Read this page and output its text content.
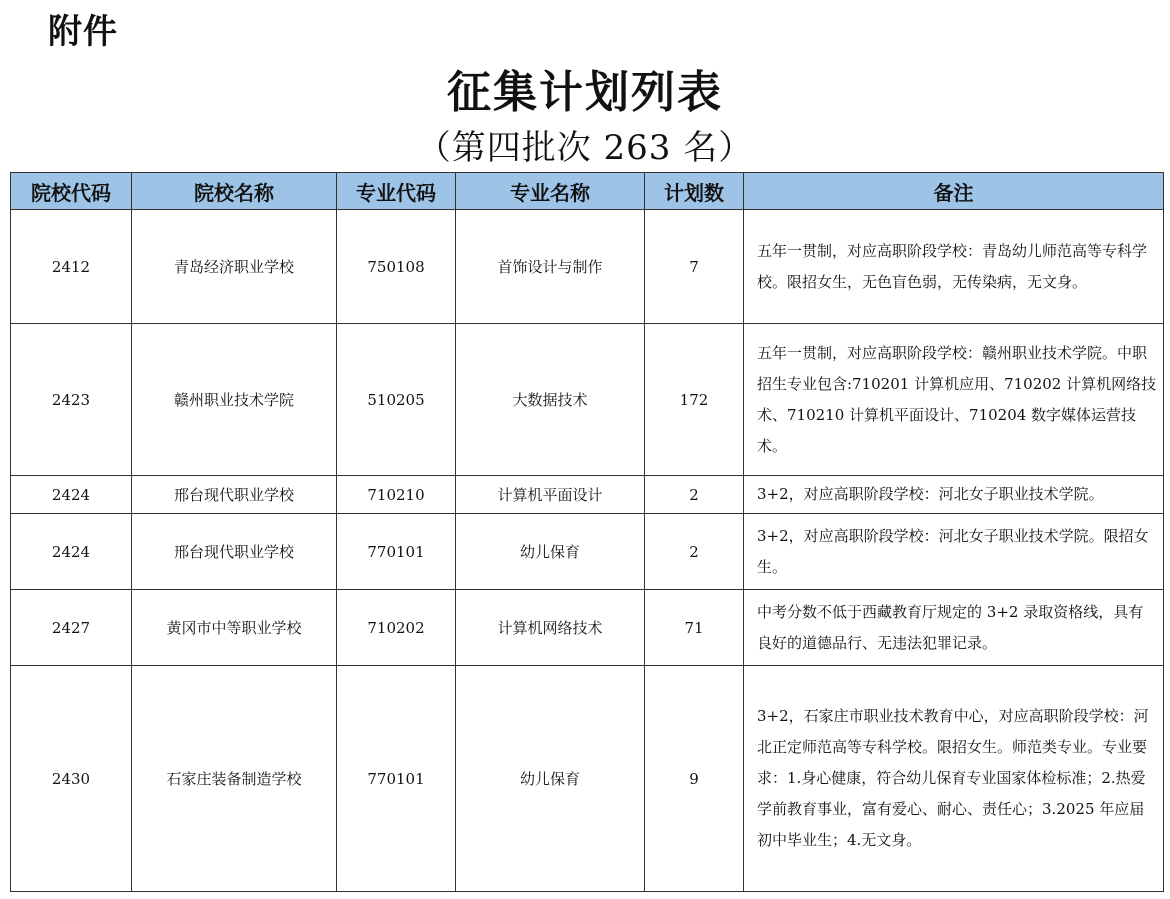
附件
征集计划列表
（第四批次 263 名）
院校代码	院校名称	专业代码	专业名称	计划数	备注
2412	青岛经济职业学校	750108	首饰设计与制作	7	五年一贯制，对应高职阶段学校：青岛幼儿师范高等专科学校。限招女生，无色盲色弱，无传染病，无文身。
2423	赣州职业技术学院	510205	大数据技术	172	五年一贯制，对应高职阶段学校：赣州职业技术学院。中职招生专业包含:710201 计算机应用、710202 计算机网络技术、710210 计算机平面设计、710204 数字媒体运营技术。
2424	邢台现代职业学校	710210	计算机平面设计	2	3+2，对应高职阶段学校：河北女子职业技术学院。
2424	邢台现代职业学校	770101	幼儿保育	2	3+2，对应高职阶段学校：河北女子职业技术学院。限招女生。
2427	黄冈市中等职业学校	710202	计算机网络技术	71	中考分数不低于西藏教育厅规定的 3+2 录取资格线，具有良好的道德品行、无违法犯罪记录。
2430	石家庄装备制造学校	770101	幼儿保育	9	3+2，石家庄市职业技术教育中心，对应高职阶段学校：河北正定师范高等专科学校。限招女生。师范类专业。专业要求：1.身心健康，符合幼儿保育专业国家体检标准；2.热爱学前教育事业，富有爱心、耐心、责任心；3.2025 年应届初中毕业生；4.无文身。
